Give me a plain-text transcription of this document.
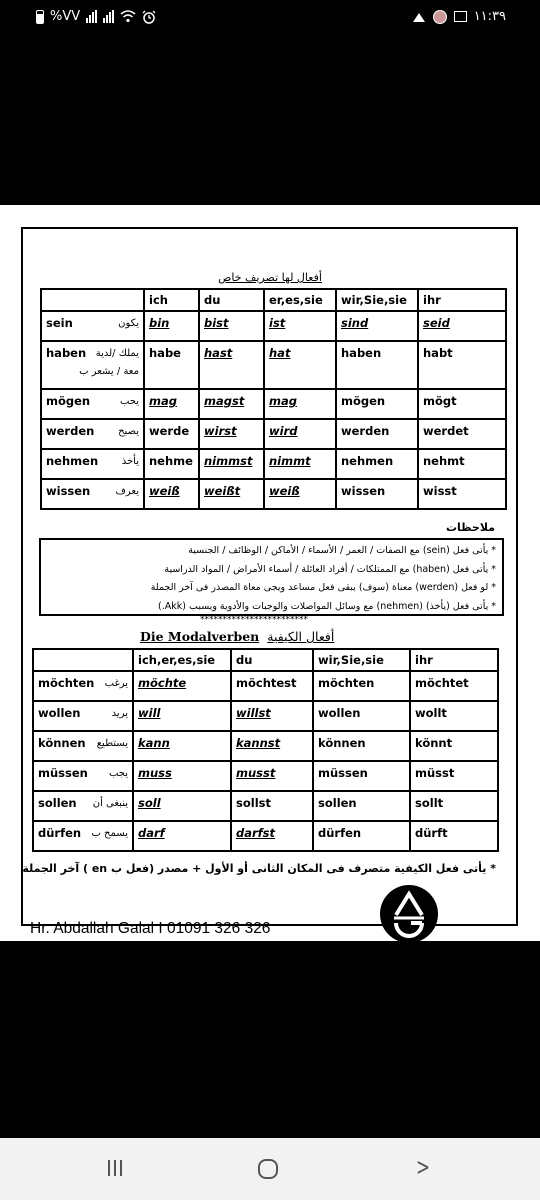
%VV	١١:٣٩
أفعال لها تصريف خاص
	ich	du	er,es,sie	wir,Sie,sie	ihr

sein يكون	bin	bist	ist	sind	seid

haben يملك /لدية
معة / يشعر ب	habe	hast	hat	haben	habt

mögen يحب	mag	magst	mag	mögen	mögt

werden يصبح	werde	wirst	wird	werden	werdet

nehmen يأخذ	nehme	nimmst	nimmt	nehmen	nehmt

wissen يعرف	weiß	weißt	weiß	wissen	wisst
ملاحظات
* يأتى فعل (sein) مع الصفات / العمر / الأسماء / الأماكن / الوظائف / الجنسية
* يأتى فعل (haben) مع الممتلكات / أفراد العائلة / أسماء الأمراض / المواد الدراسية
* لو فعل (werden) معناة (سوف) يبقى فعل مساعد ويجى معاة المصدر فى آخر الجملة
* يأتى فعل (يأخذ) (nehmen) مع وسائل المواصلات والوجبات والأدوية ويسبب (Akk.)
************************
Die Modalverben أفعال الكيفية
	ich,er,es,sie	du	wir,Sie,sie	ihr

möchten يرغب	möchte	möchtest	möchten	möchtet

wollen يريد	will	willst	wollen	wollt

können يستطيع	kann	kannst	können	könnt

müssen يجب	muss	musst	müssen	müsst

sollen ينبغى أن	soll	sollst	sollen	sollt

dürfen يسمح ب	darf	darfst	dürfen	dürft
* يأتى فعل الكيفية متصرف فى المكان الثانى أو الأول + مصدر (فعل ب en ) آخر الجملة
Hr. Abdallah Galal I 01091 326 326
>
